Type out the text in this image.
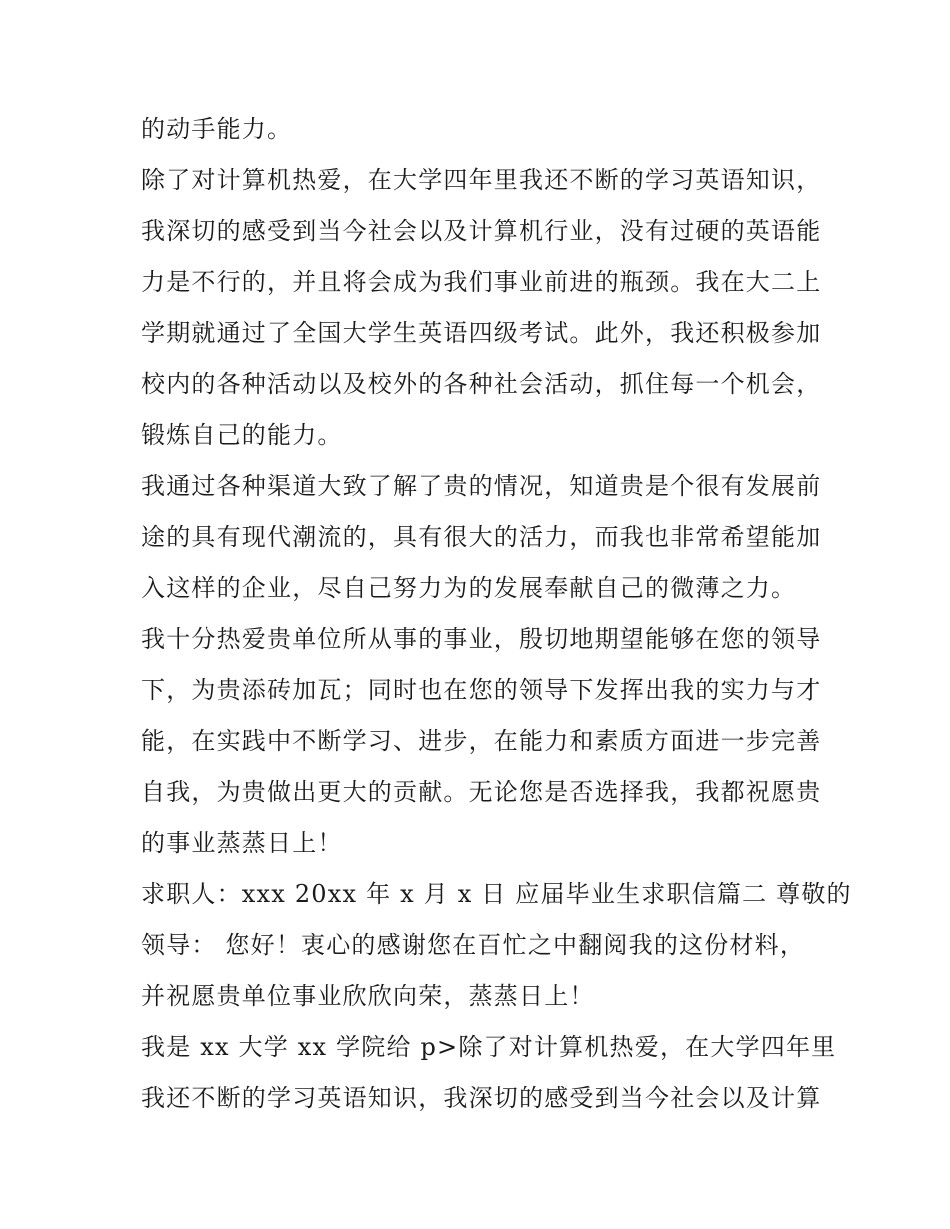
的动手能力。
除了对计算机热爱，在大学四年里我还不断的学习英语知识，
我深切的感受到当今社会以及计算机行业，没有过硬的英语能
力是不行的，并且将会成为我们事业前进的瓶颈。我在大二上
学期就通过了全国大学生英语四级考试。此外，我还积极参加
校内的各种活动以及校外的各种社会活动，抓住每一个机会，
锻炼自己的能力。
我通过各种渠道大致了解了贵的情况，知道贵是个很有发展前
途的具有现代潮流的，具有很大的活力，而我也非常希望能加
入这样的企业，尽自己努力为的发展奉献自己的微薄之力。
我十分热爱贵单位所从事的事业，殷切地期望能够在您的领导
下，为贵添砖加瓦；同时也在您的领导下发挥出我的实力与才
能，在实践中不断学习、进步，在能力和素质方面进一步完善
自我，为贵做出更大的贡献。无论您是否选择我，我都祝愿贵
的事业蒸蒸日上！
求职人：xxx 20xx 年 x 月 x 日 应届毕业生求职信篇二 尊敬的
领导： 您好！衷心的感谢您在百忙之中翻阅我的这份材料，
并祝愿贵单位事业欣欣向荣，蒸蒸日上！
我是 xx 大学 xx 学院给 p>除了对计算机热爱，在大学四年里
我还不断的学习英语知识，我深切的感受到当今社会以及计算
